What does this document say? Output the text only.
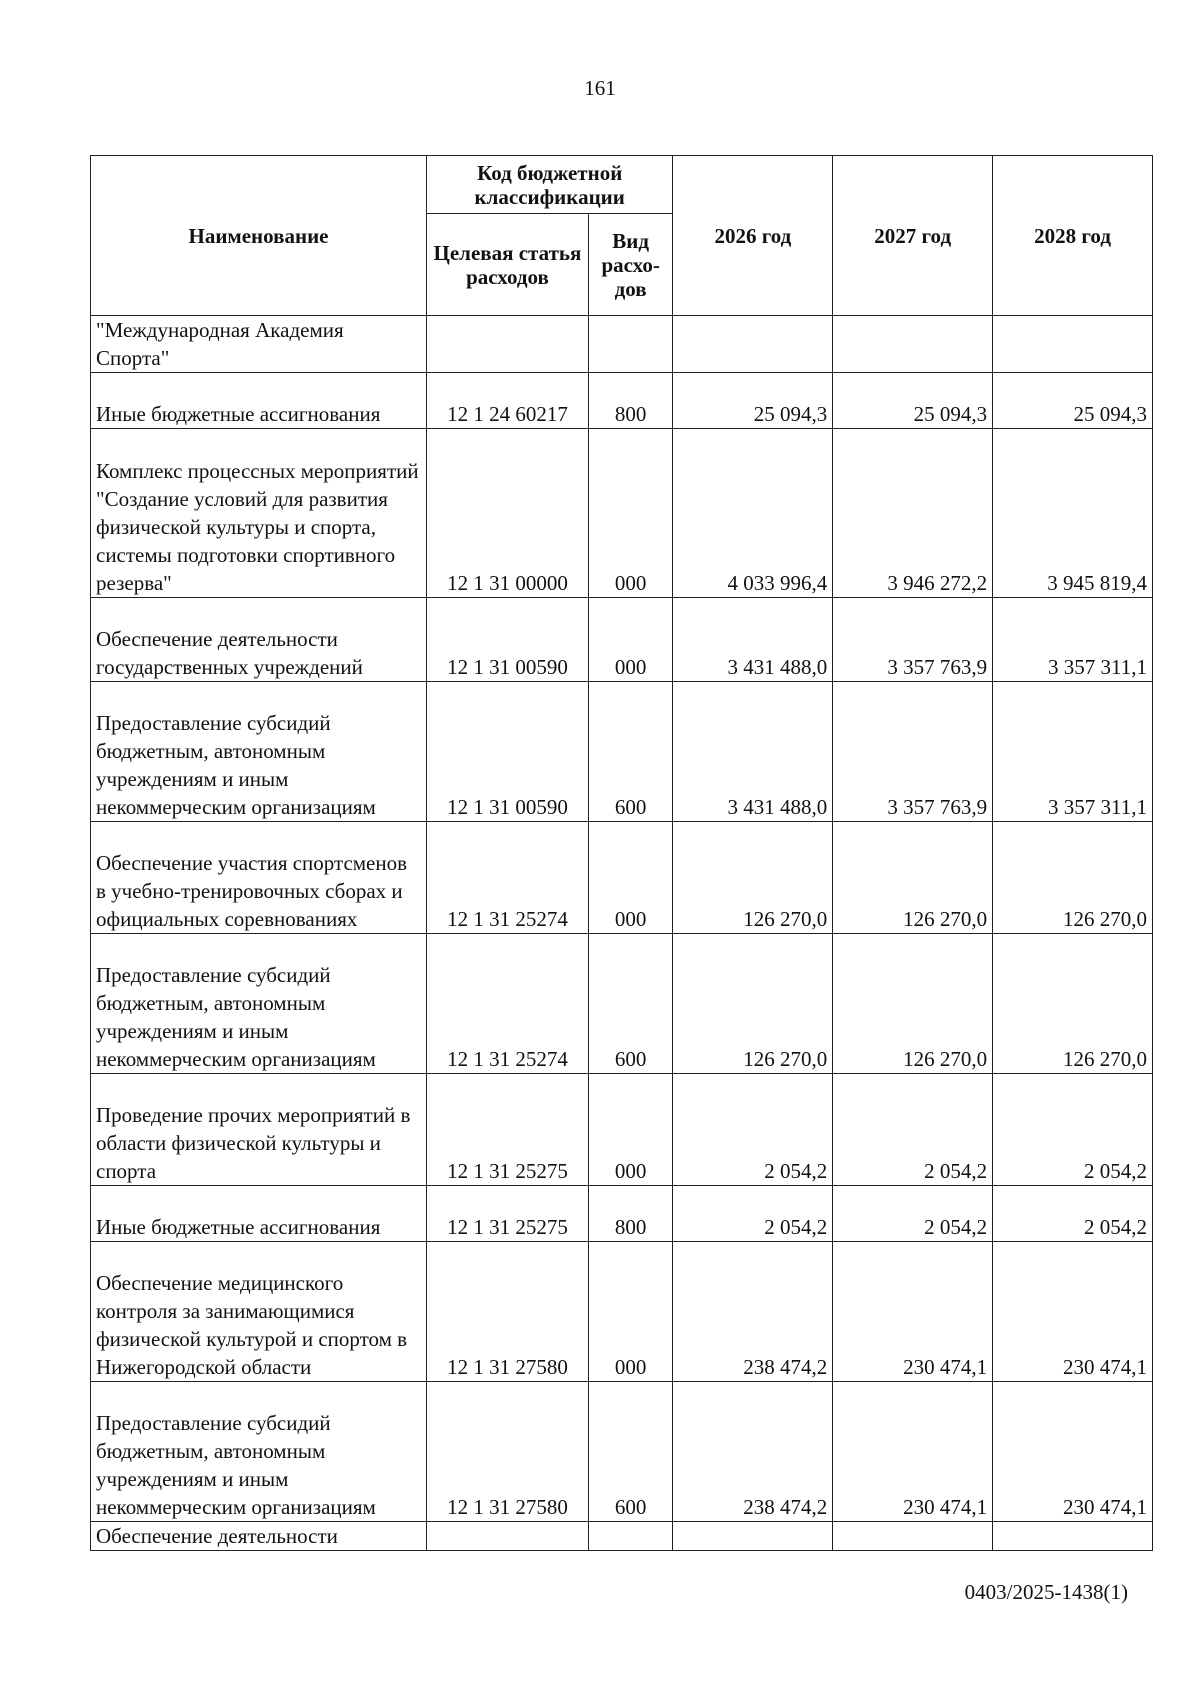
161
Наименование	Код бюджетной классификации		2026 год	2027 год	2028 год
	Целевая статья расходов	Вид расхо-дов			
"Международная Академия Спорта"					
Иные бюджетные ассигнования	12 1 24 60217	800	25 094,3	25 094,3	25 094,3
Комплекс процессных мероприятий "Создание условий для развития физической культуры и спорта, системы подготовки спортивного резерва"	12 1 31 00000	000	4 033 996,4	3 946 272,2	3 945 819,4
Обеспечение деятельности государственных учреждений	12 1 31 00590	000	3 431 488,0	3 357 763,9	3 357 311,1
Предоставление субсидий бюджетным, автономным учреждениям и иным некоммерческим организациям	12 1 31 00590	600	3 431 488,0	3 357 763,9	3 357 311,1
Обеспечение участия спортсменов в учебно-тренировочных сборах и официальных соревнованиях	12 1 31 25274	000	126 270,0	126 270,0	126 270,0
Предоставление субсидий бюджетным, автономным учреждениям и иным некоммерческим организациям	12 1 31 25274	600	126 270,0	126 270,0	126 270,0
Проведение прочих мероприятий в области физической культуры и спорта	12 1 31 25275	000	2 054,2	2 054,2	2 054,2
Иные бюджетные ассигнования	12 1 31 25275	800	2 054,2	2 054,2	2 054,2
Обеспечение медицинского контроля за занимающимися физической культурой и спортом в Нижегородской области	12 1 31 27580	000	238 474,2	230 474,1	230 474,1
Предоставление субсидий бюджетным, автономным учреждениям и иным некоммерческим организациям	12 1 31 27580	600	238 474,2	230 474,1	230 474,1
Обеспечение деятельности					
0403/2025-1438(1)
